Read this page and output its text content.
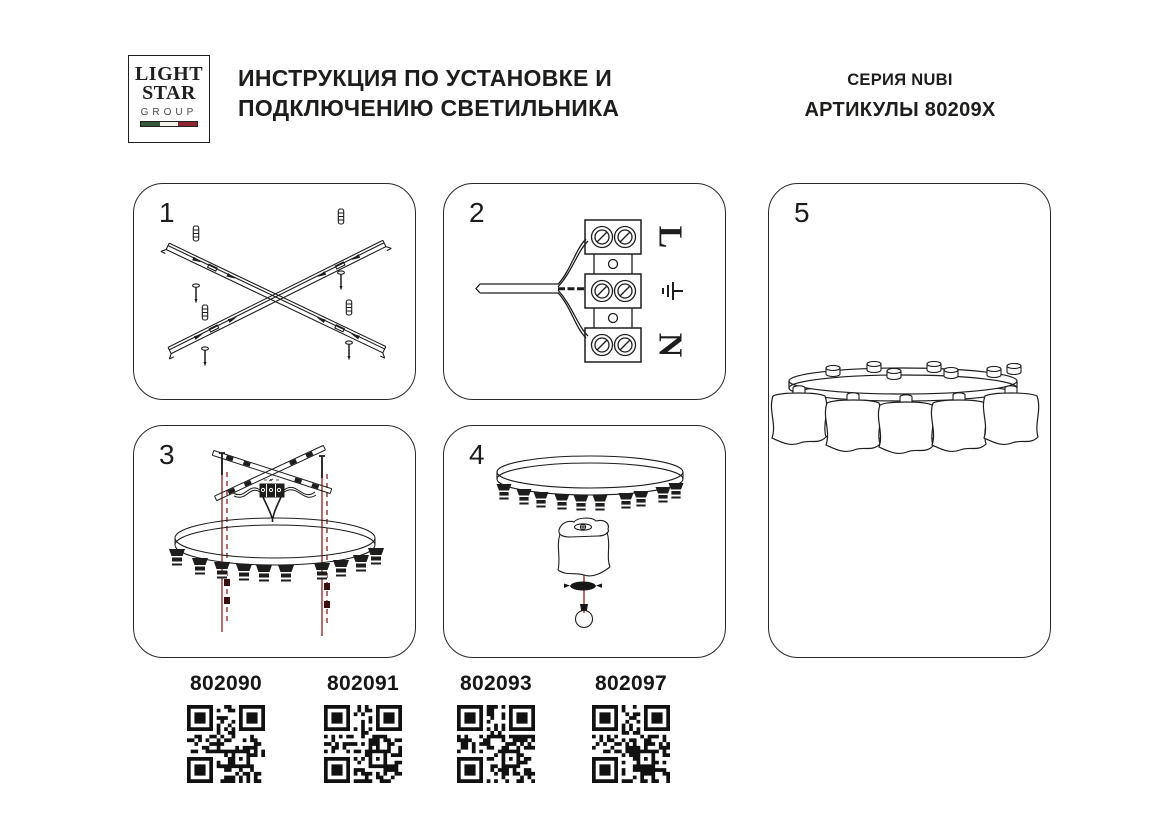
LIGHT
STAR
GROUP
ИНСТРУКЦИЯ ПО УСТАНОВКЕ И
ПОДКЛЮЧЕНИЮ СВЕТИЛЬНИКА
СЕРИЯ NUBI
АРТИКУЛЫ 80209X
1
L
N
2
3	4
5
802090	802091	802093	802097
